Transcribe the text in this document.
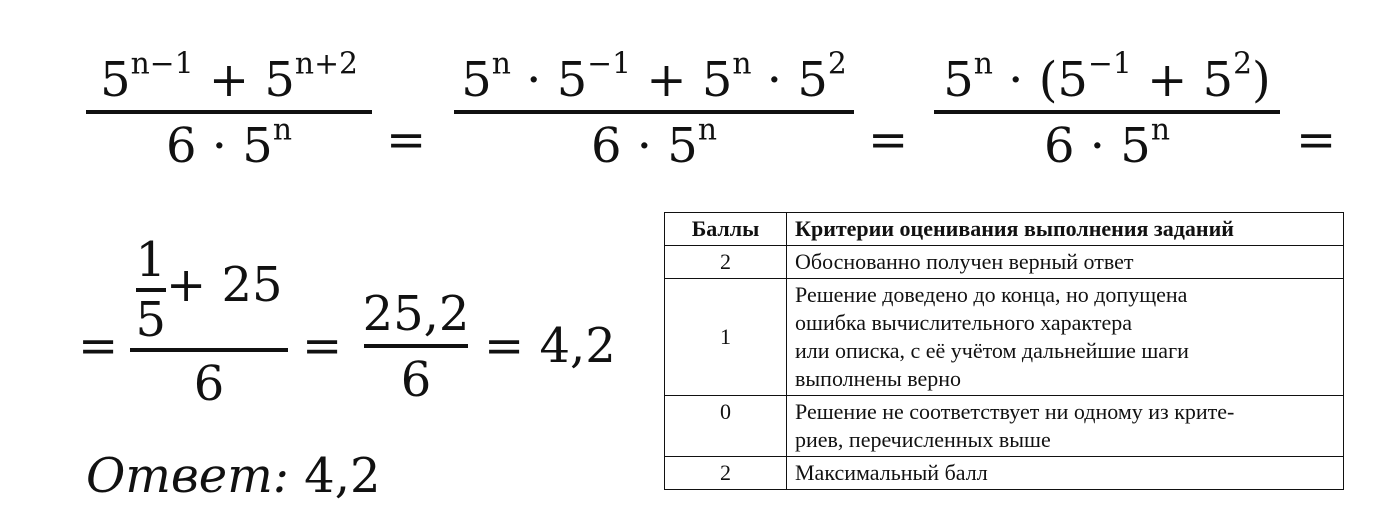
$5^{n-1} + 5^{n+2}$
$6 \cdot 5^n$ =
$5^n \cdot 5^{-1} + 5^n \cdot 5^2$
$6 \cdot 5^n$	=
$5^n \cdot (5^{-1} + 5^2)$
$6 \cdot 5^n$	=
=
1
5
+ 25
6
=
25,2
6
= 4,2
Ответ: 4,2
Баллы	Критерии оценивания выполнения заданий
2	Обоснованно получен верный ответ

1	Решение доведено до конца, но допущена
ошибка вычислительного характера
или описка, с её учётом дальнейшие шаги
выполнены верно

0	Решение не соответствует ни одному из крите-
риев, перечисленных выше

2	Максимальный балл
